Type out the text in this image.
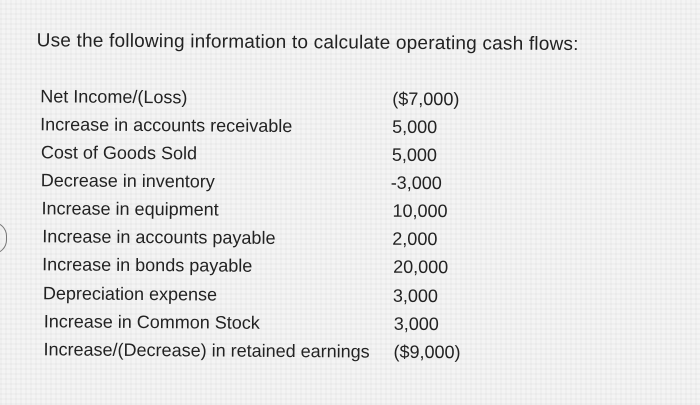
Use the following information to calculate operating cash flows:
Net Income/(Loss)	($7,000)
Increase in accounts receivable	5,000
Cost of Goods Sold	5,000
Decrease in inventory	-3,000
Increase in equipment	10,000
Increase in accounts payable	2,000
Increase in bonds payable	20,000
Depreciation expense	3,000
Increase in Common Stock	3,000
Increase/(Decrease) in retained earnings ($9,000)
